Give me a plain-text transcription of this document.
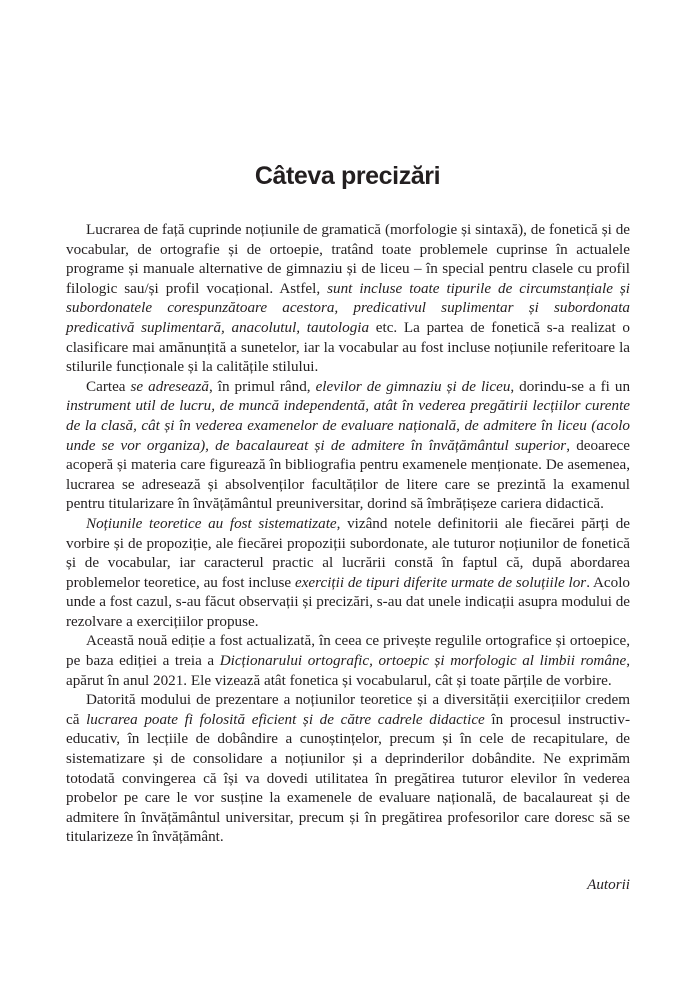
Câteva precizări

Lucrarea de față cuprinde noțiunile de gramatică (morfologie și sintaxă), de fonetică și de vocabular, de ortografie și de ortoepie, tratând toate problemele cuprinse în actualele programe și manuale alternative de gimnaziu și de liceu – în special pentru clasele cu profil filologic sau/și profil vocațional. Astfel, sunt incluse toate tipurile de circumstanțiale și subordonatele corespunzătoare acestora, predicativul suplimentar și subordonata predicativă suplimentară, anacolutul, tautologia etc. La partea de fonetică s-a realizat o clasificare mai amănunțită a sunetelor, iar la vocabular au fost incluse noțiunile referitoare la stilurile funcționale și la calitățile stilului.

Cartea se adresează, în primul rând, elevilor de gimnaziu și de liceu, dorindu-se a fi un instrument util de lucru, de muncă independentă, atât în vederea pregătirii lecțiilor curente de la clasă, cât și în vederea examenelor de evaluare națională, de admitere în liceu (acolo unde se vor organiza), de bacalaureat și de admitere în învățământul superior, deoarece acoperă și materia care figurează în bibliografia pentru examenele menționate. De asemenea, lucrarea se adresează și absolvenților facultăților de litere care se prezintă la examenul pentru titularizare în învățământul preuniversitar, dorind să îmbrățișeze cariera didactică.

Noțiunile teoretice au fost sistematizate, vizând notele definitorii ale fiecărei părți de vorbire și de propoziție, ale fiecărei propoziții subordonate, ale tuturor noțiunilor de fonetică și de vocabular, iar caracterul practic al lucrării constă în faptul că, după abordarea problemelor teoretice, au fost incluse exerciții de tipuri diferite urmate de soluțiile lor. Acolo unde a fost cazul, s-au făcut observații și precizări, s-au dat unele indicații asupra modului de rezolvare a exercițiilor propuse.

Această nouă ediție a fost actualizată, în ceea ce privește regulile ortografice și ortoepice, pe baza ediției a treia a Dicționarului ortografic, ortoepic și morfologic al limbii române, apărut în anul 2021. Ele vizează atât fonetica și vocabularul, cât și toate părțile de vorbire.

Datorită modului de prezentare a noțiunilor teoretice și a diversității exercițiilor credem că lucrarea poate fi folosită eficient și de către cadrele didactice în procesul instructiv-educativ, în lecțiile de dobândire a cunoștințelor, precum și în cele de recapitulare, de sistematizare și de consolidare a noțiunilor și a deprinderilor dobândite. Ne exprimăm totodată convingerea că își va dovedi utilitatea în pregătirea tuturor elevilor în vederea probelor pe care le vor susține la examenele de evaluare națională, de bacalaureat și de admitere în învățământul universitar, precum și în pregătirea profesorilor care doresc să se titularizeze în învățământ.

Autorii
